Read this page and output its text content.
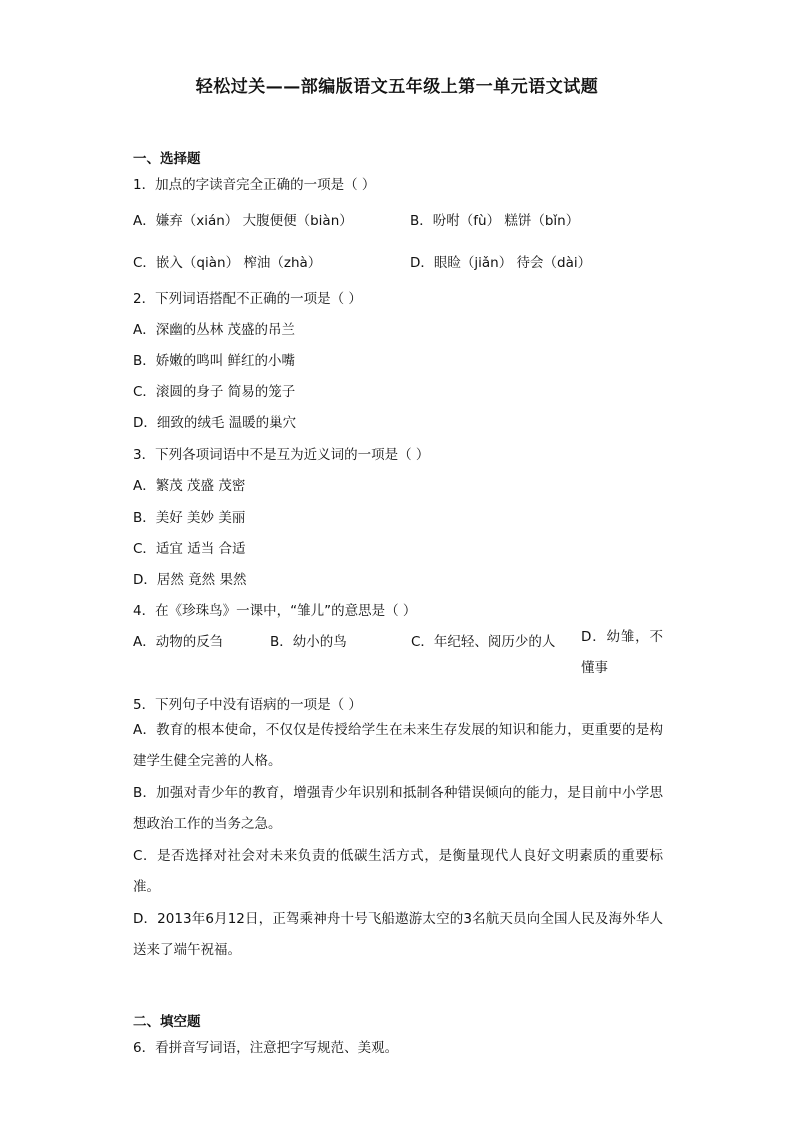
轻松过关——部编版语文五年级上第一单元语文试题
一、选择题
1．加点的字读音完全正确的一项是（ ）
A．嫌弃（xián） 大腹便便（biàn）	B．吩咐（fù） 糕饼（bǐn）
C．嵌入（qiàn） 榨油（zhà）	D．眼睑（jiǎn） 待会（dài）
2．下列词语搭配不正确的一项是（ ）
A．深幽的丛林 茂盛的吊兰
B．娇嫩的鸣叫 鲜红的小嘴
C．滚圆的身子 简易的笼子
D．细致的绒毛 温暖的巢穴
3．下列各项词语中不是互为近义词的一项是（ ）
A．繁茂 茂盛 茂密
B．美好 美妙 美丽
C．适宜 适当 合适
D．居然 竟然 果然
4．在《珍珠鸟》一课中，“雏儿”的意思是（ ）
A．动物的反刍	B．幼小的鸟	C．年纪轻、阅历少的人 D．幼雏，不懂事
5．下列句子中没有语病的一项是（ ）
A．教育的根本使命，不仅仅是传授给学生在未来生存发展的知识和能力，更重要的是构建学生健全完善的人格。
B．加强对青少年的教育，增强青少年识别和抵制各种错误倾向的能力，是目前中小学思想政治工作的当务之急。
C．是否选择对社会对未来负责的低碳生活方式，是衡量现代人良好文明素质的重要标准。
D．2013年6月12日，正驾乘神舟十号飞船遨游太空的3名航天员向全国人民及海外华人送来了端午祝福。
二、填空题
6．看拼音写词语，注意把字写规范、美观。
